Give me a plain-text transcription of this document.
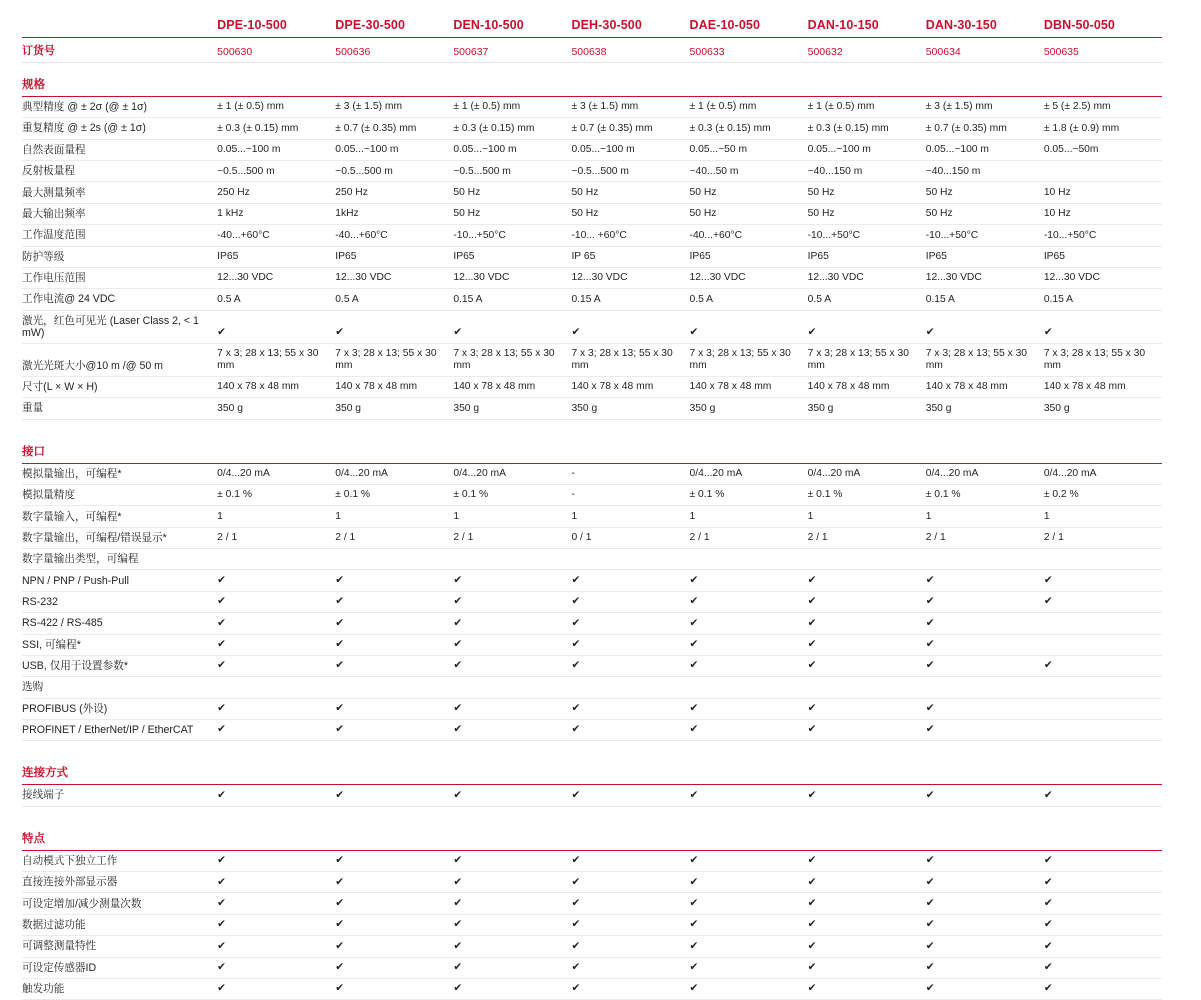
	DPE-10-500	DPE-30-500	DEN-10-500	DEH-30-500	DAE-10-050	DAN-10-150	DAN-30-150	DBN-50-050
订货号	500630	500636	500637	500638	500633	500632	500634	500635
规格								
典型精度 @ ± 2σ (@ ± 1σ)	± 1 (± 0.5) mm	± 3 (± 1.5) mm	± 1 (± 0.5) mm	± 3 (± 1.5) mm	± 1 (± 0.5) mm	± 1 (± 0.5) mm	± 3 (± 1.5) mm	± 5 (± 2.5) mm
重复精度 @ ± 2s (@ ± 1σ)	± 0.3 (± 0.15) mm	± 0.7 (± 0.35) mm	± 0.3 (± 0.15) mm	± 0.7 (± 0.35) mm	± 0.3 (± 0.15) mm	± 0.3 (± 0.15) mm	± 0.7 (± 0.35) mm	± 1.8 (± 0.9) mm
自然表面量程	0.05...~100 m	0.05...~100 m	0.05...~100 m	0.05...~100 m	0.05...~50 m	0.05...~100 m	0.05...~100 m	0.05...~50m
反射板量程	~0.5...500 m	~0.5...500 m	~0.5...500 m	~0.5...500 m	~40...50 m	~40...150 m	~40...150 m	
最大测量频率	250 Hz	250 Hz	50 Hz	50 Hz	50 Hz	50 Hz	50 Hz	10 Hz
最大输出频率	1 kHz	1kHz	50 Hz	50 Hz	50 Hz	50 Hz	50 Hz	10 Hz
工作温度范围	-40...+60°C	-40...+60°C	-10...+50°C	-10... +60°C	-40...+60°C	-10...+50°C	-10...+50°C	-10...+50°C
防护等级	IP65	IP65	IP65	IP 65	IP65	IP65	IP65	IP65
工作电压范围	12...30 VDC	12...30 VDC	12...30 VDC	12...30 VDC	12...30 VDC	12...30 VDC	12...30 VDC	12...30 VDC
工作电流@ 24 VDC	0.5 A	0.5 A	0.15 A	0.15 A	0.5 A	0.5 A	0.15 A	0.15 A
激光，红色可见光 (Laser Class 2, < 1 mW)	✔	✔	✔	✔	✔	✔	✔	✔
激光光斑大小@10 m /@ 50 m	7 x 3; 28 x 13; 55 x 30 mm	7 x 3; 28 x 13; 55 x 30 mm	7 x 3; 28 x 13; 55 x 30 mm	7 x 3; 28 x 13; 55 x 30 mm	7 x 3; 28 x 13; 55 x 30 mm	7 x 3; 28 x 13; 55 x 30 mm	7 x 3; 28 x 13; 55 x 30 mm	7 x 3; 28 x 13; 55 x 30 mm
尺寸(L × W × H)	140 x 78 x 48 mm	140 x 78 x 48 mm	140 x 78 x 48 mm	140 x 78 x 48 mm	140 x 78 x 48 mm	140 x 78 x 48 mm	140 x 78 x 48 mm	140 x 78 x 48 mm
重量	350 g	350 g	350 g	350 g	350 g	350 g	350 g	350 g

接口								
模拟量输出，可编程*	0/4...20 mA	0/4...20 mA	0/4...20 mA	-	0/4...20 mA	0/4...20 mA	0/4...20 mA	0/4...20 mA
模拟量精度	± 0.1 %	± 0.1 %	± 0.1 %	-	± 0.1 %	± 0.1 %	± 0.1 %	± 0.2 %
数字量输入，可编程*	1	1	1	1	1	1	1	1
数字量输出，可编程/错误显示*	2 / 1	2 / 1	2 / 1	0 / 1	2 / 1	2 / 1	2 / 1	2 / 1
数字量输出类型，可编程								
NPN / PNP / Push-Pull	✔	✔	✔	✔	✔	✔	✔	✔
RS-232	✔	✔	✔	✔	✔	✔	✔	✔
RS-422 / RS-485	✔	✔	✔	✔	✔	✔	✔	
SSI, 可编程*	✔	✔	✔	✔	✔	✔	✔	
USB, 仅用于设置参数*	✔	✔	✔	✔	✔	✔	✔	✔
选购								
PROFIBUS (外设)	✔	✔	✔	✔	✔	✔	✔	
PROFINET / EtherNet/IP / EtherCAT	✔	✔	✔	✔	✔	✔	✔	

连接方式								
接线端子	✔	✔	✔	✔	✔	✔	✔	✔

特点								
自动模式下独立工作	✔	✔	✔	✔	✔	✔	✔	✔
直接连接外部显示器	✔	✔	✔	✔	✔	✔	✔	✔
可设定增加/减少测量次数	✔	✔	✔	✔	✔	✔	✔	✔
数据过滤功能	✔	✔	✔	✔	✔	✔	✔	✔
可调整测量特性	✔	✔	✔	✔	✔	✔	✔	✔
可设定传感器ID	✔	✔	✔	✔	✔	✔	✔	✔
触发功能	✔	✔	✔	✔	✔	✔	✔	✔
